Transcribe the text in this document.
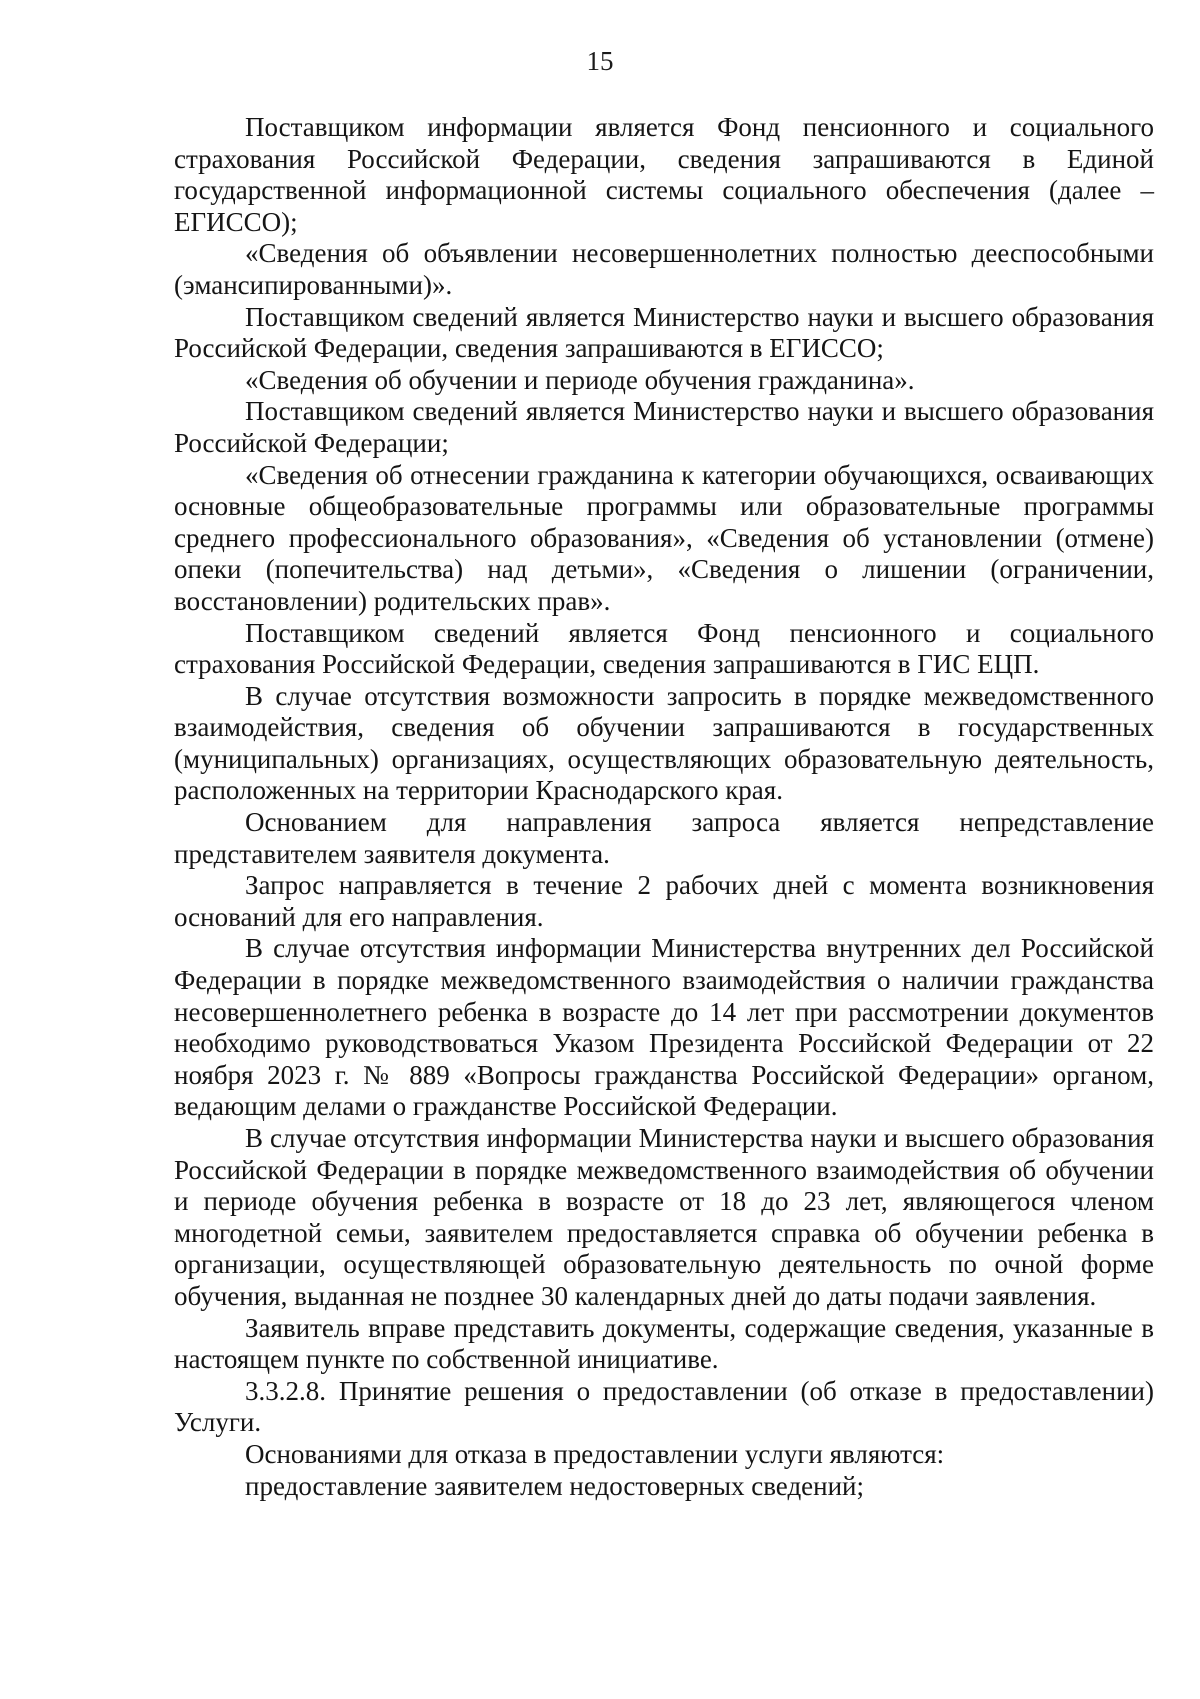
15

Поставщиком информации является Фонд пенсионного и социального страхования Российской Федерации, сведения запрашиваются в Единой государственной информационной системы социального обеспечения (далее – ЕГИССО);

«Сведения об объявлении несовершеннолетних полностью дееспособными (эмансипированными)».

Поставщиком сведений является Министерство науки и высшего образования Российской Федерации, сведения запрашиваются в ЕГИССО;

«Сведения об обучении и периоде обучения гражданина».

Поставщиком сведений является Министерство науки и высшего образования Российской Федерации;

«Сведения об отнесении гражданина к категории обучающихся, осваивающих основные общеобразовательные программы или образовательные программы среднего профессионального образования», «Сведения об установлении (отмене) опеки (попечительства) над детьми», «Сведения о лишении (ограничении, восстановлении) родительских прав».

Поставщиком сведений является Фонд пенсионного и социального страхования Российской Федерации, сведения запрашиваются в ГИС ЕЦП.

В случае отсутствия возможности запросить в порядке межведомственного взаимодействия, сведения об обучении запрашиваются в государственных (муниципальных) организациях, осуществляющих образовательную деятельность, расположенных на территории Краснодарского края.

Основанием для направления запроса является непредставление представителем заявителя документа.

Запрос направляется в течение 2 рабочих дней с момента возникновения оснований для его направления.

В случае отсутствия информации Министерства внутренних дел Российской Федерации в порядке межведомственного взаимодействия о наличии гражданства несовершеннолетнего ребенка в возрасте до 14 лет при рассмотрении документов необходимо руководствоваться Указом Президента Российской Федерации от 22 ноября 2023 г. № 889 «Вопросы гражданства Российской Федерации» органом, ведающим делами о гражданстве Российской Федерации.

В случае отсутствия информации Министерства науки и высшего образования Российской Федерации в порядке межведомственного взаимодействия об обучении и периоде обучения ребенка в возрасте от 18 до 23 лет, являющегося членом многодетной семьи, заявителем предоставляется справка об обучении ребенка в организации, осуществляющей образовательную деятельность по очной форме обучения, выданная не позднее 30 календарных дней до даты подачи заявления.

Заявитель вправе представить документы, содержащие сведения, указанные в настоящем пункте по собственной инициативе.

3.3.2.8. Принятие решения о предоставлении (об отказе в предоставлении) Услуги.

Основаниями для отказа в предоставлении услуги являются:

предоставление заявителем недостоверных сведений;
